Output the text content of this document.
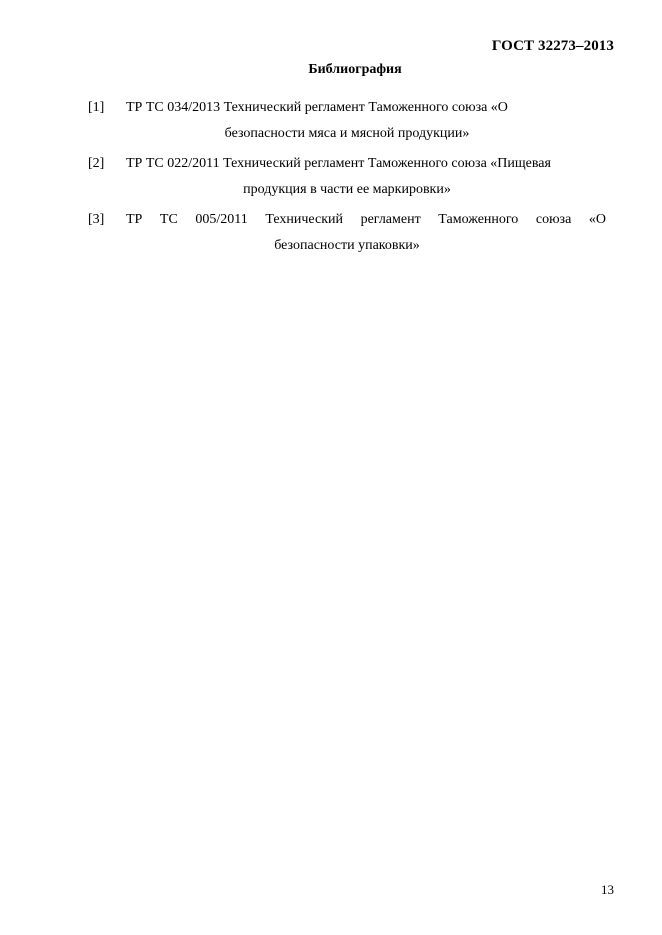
ГОСТ 32273–2013
Библиография
[1] ТР ТС 034/2013 Технический регламент Таможенного союза «О
безопасности мяса и мясной продукции»
[2] ТР ТС 022/2011 Технический регламент Таможенного союза «Пищевая
продукция в части ее маркировки»
[3] ТР ТС 005/2011 Технический регламент Таможенного союза «О
безопасности упаковки»
13
